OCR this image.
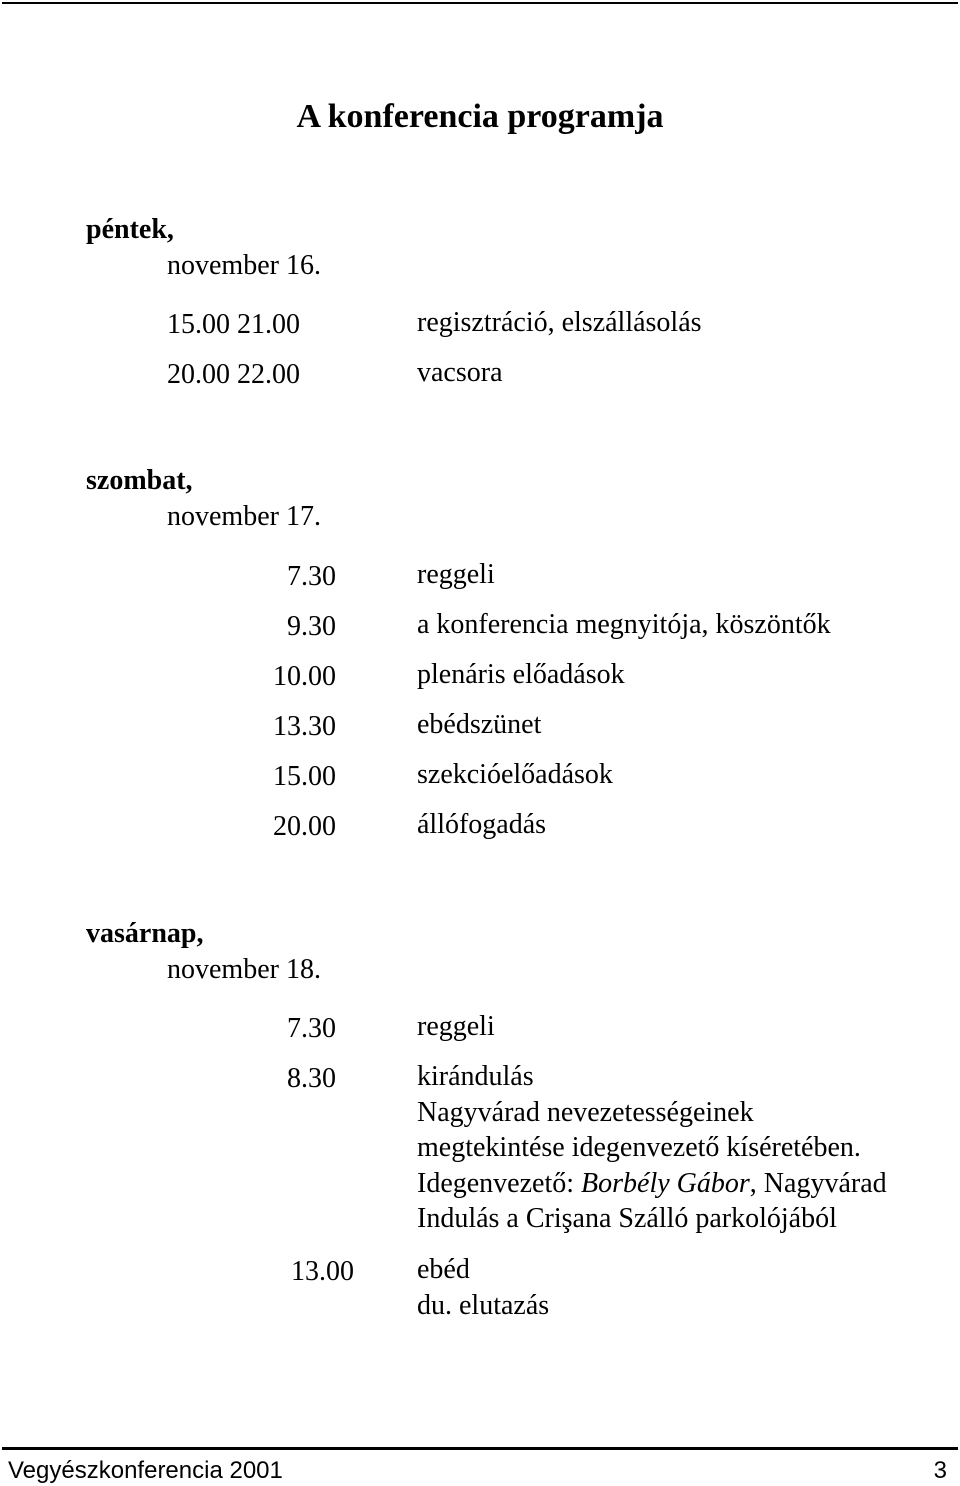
A konferencia programja
péntek,
november 16.
15.00 21.00	regisztráció, elszállásolás
20.00 22.00	vacsora
szombat,
november 17.
7.30	reggeli
9.30	a konferencia megnyitója, köszöntők
10.00	plenáris előadások
13.30	ebédszünet
15.00	szekcióelőadások
20.00	állófogadás
vasárnap,
november 18.
7.30	reggeli
8.30	kirándulás
Nagyvárad nevezetességeinek
megtekintése idegenvezető kíséretében.
Idegenvezető: Borbély Gábor, Nagyvárad
Indulás a Crişana Szálló parkolójából
13.00 ebéd
du. elutazás
Vegyészkonferencia 2001	3
